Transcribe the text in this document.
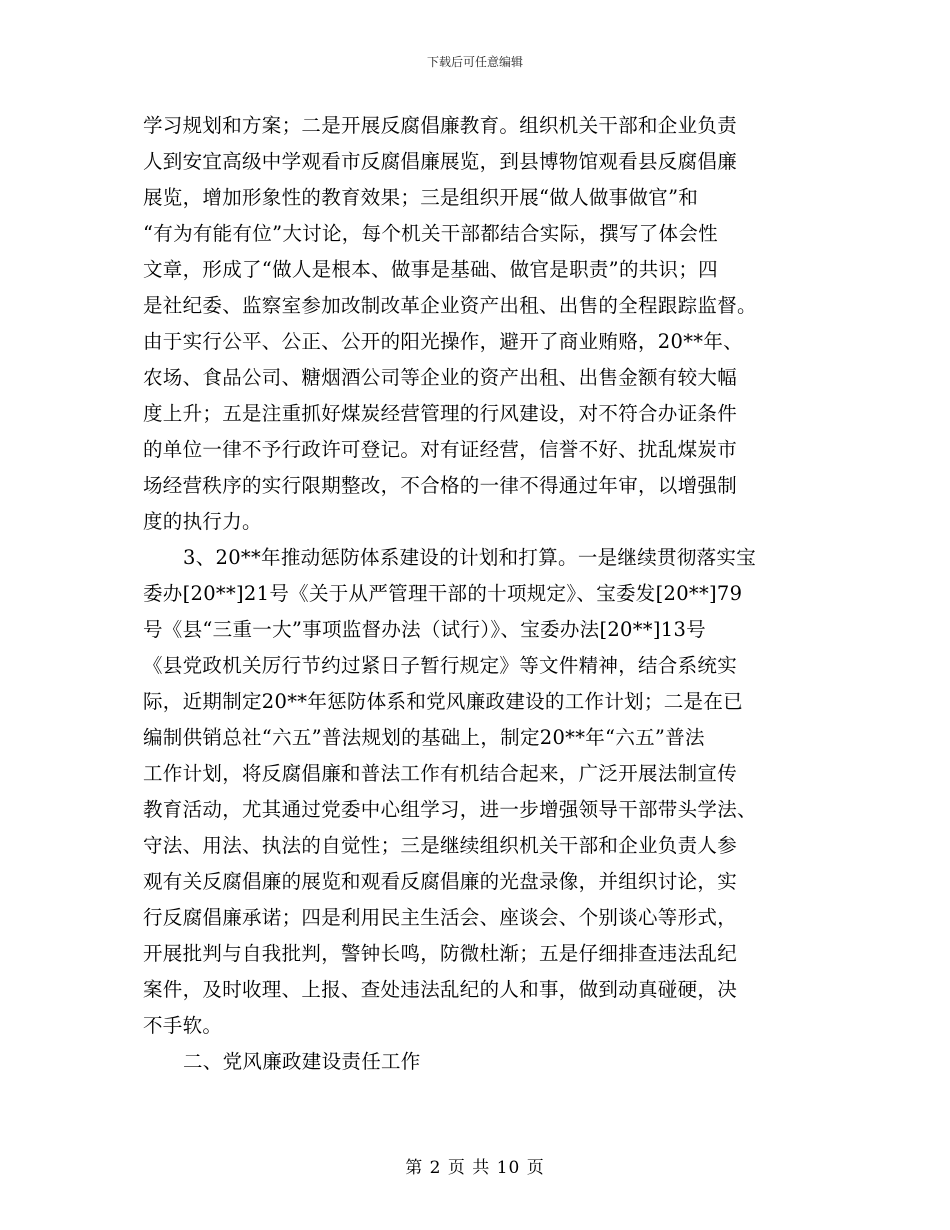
下载后可任意编辑
学习规划和方案；二是开展反腐倡廉教育。组织机关干部和企业负责
人到安宜高级中学观看市反腐倡廉展览，到县博物馆观看县反腐倡廉
展览，增加形象性的教育效果；三是组织开展“做人做事做官”和
“有为有能有位”大讨论，每个机关干部都结合实际，撰写了体会性
文章，形成了“做人是根本、做事是基础、做官是职责”的共识；四
是社纪委、监察室参加改制改革企业资产出租、出售的全程跟踪监督。
由于实行公平、公正、公开的阳光操作，避开了商业贿赂，20**年、
农场、食品公司、糖烟酒公司等企业的资产出租、出售金额有较大幅
度上升；五是注重抓好煤炭经营管理的行风建设，对不符合办证条件
的单位一律不予行政许可登记。对有证经营，信誉不好、扰乱煤炭市
场经营秩序的实行限期整改，不合格的一律不得通过年审，以增强制
度的执行力。
3、20**年推动惩防体系建设的计划和打算。一是继续贯彻落实宝
委办[20**]21号《关于从严管理干部的十项规定》、宝委发[20**]79
号《县“三重一大”事项监督办法（试行）》、宝委办法[20**]13号
《县党政机关厉行节约过紧日子暂行规定》等文件精神，结合系统实
际，近期制定20**年惩防体系和党风廉政建设的工作计划；二是在已
编制供销总社“六五”普法规划的基础上，制定20**年“六五”普法
工作计划，将反腐倡廉和普法工作有机结合起来，广泛开展法制宣传
教育活动，尤其通过党委中心组学习，进一步增强领导干部带头学法、
守法、用法、执法的自觉性；三是继续组织机关干部和企业负责人参
观有关反腐倡廉的展览和观看反腐倡廉的光盘录像，并组织讨论，实
行反腐倡廉承诺；四是利用民主生活会、座谈会、个别谈心等形式，
开展批判与自我批判，警钟长鸣，防微杜渐；五是仔细排查违法乱纪
案件，及时收理、上报、查处违法乱纪的人和事，做到动真碰硬，决
不手软。
二、党风廉政建设责任工作
第 2 页 共 10 页
